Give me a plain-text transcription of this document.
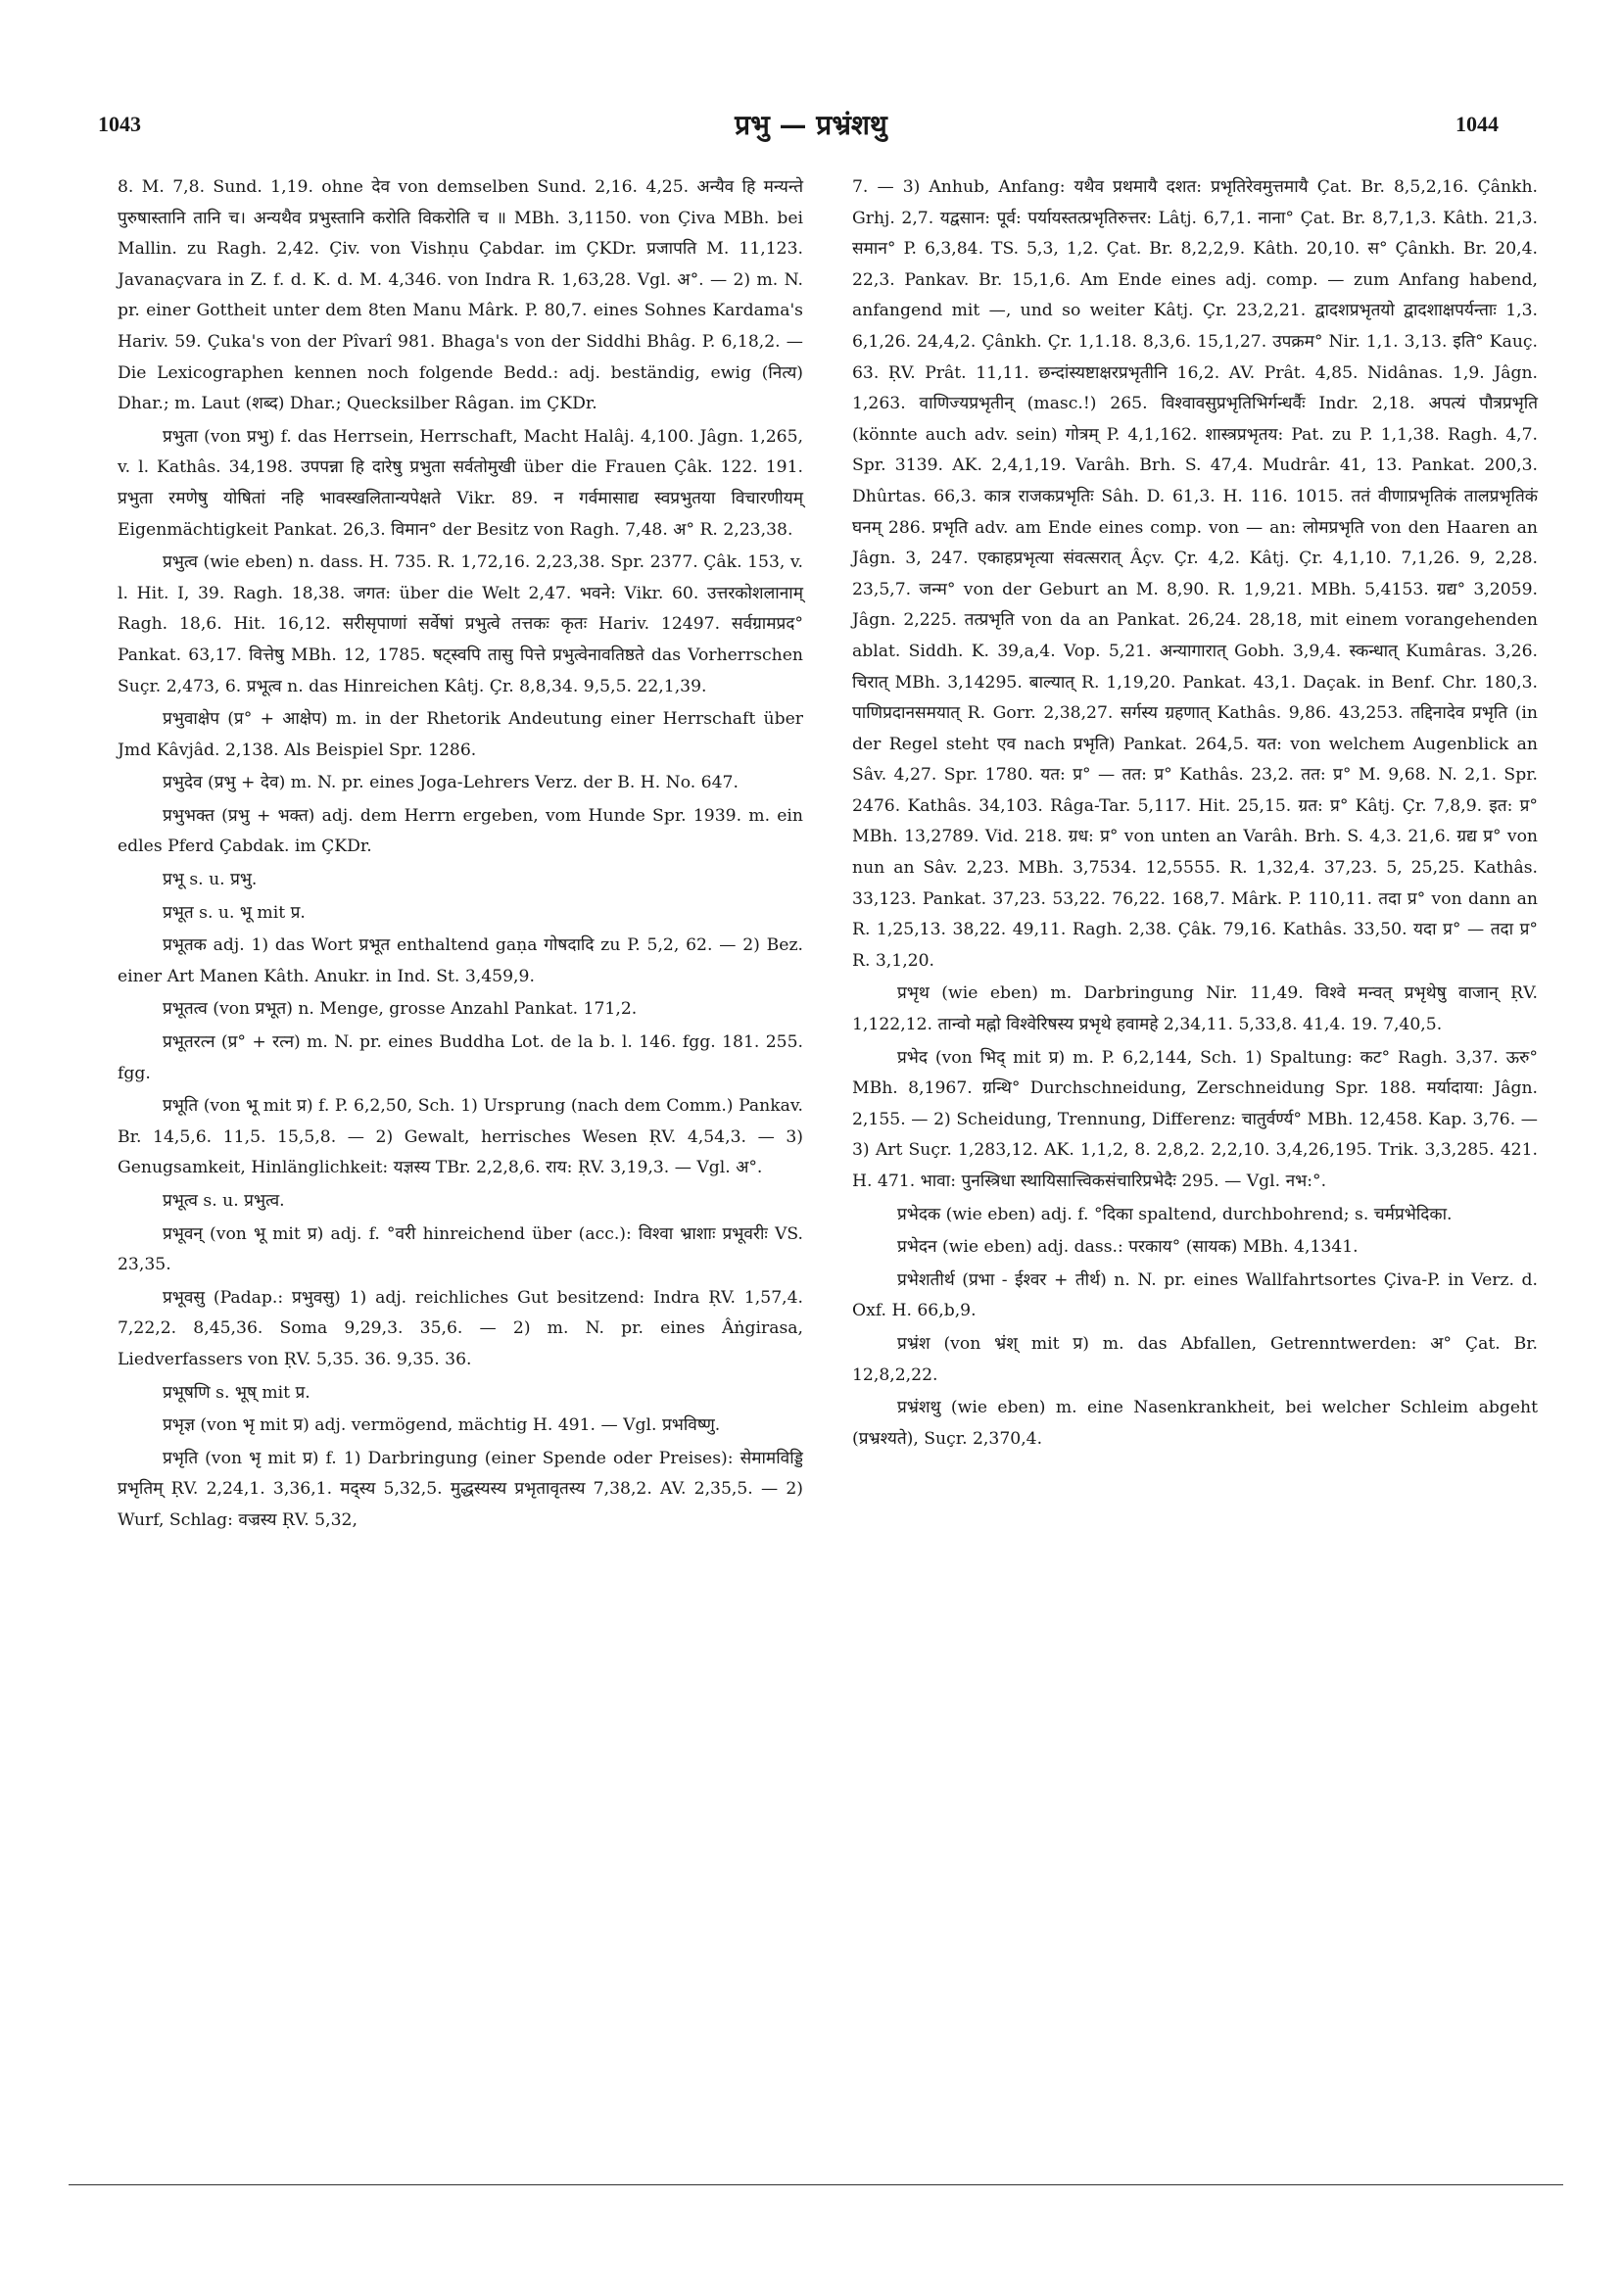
1043	प्रभु — प्रभ्रंशथु	1044

8. M. 7,8. Sund. 1,19. ohne देव von demselben Sund. 2,16. 4,25. अन्यैव हि मन्यन्ते पुरुषास्तानि तानि च। अन्यथैव प्रभुस्तानि करोति विकरोति च ॥ MBh. 3,1150. von Çiva MBh. bei Mallin. zu Ragh. 2,42. Çiv. von Vishṇu Çabdar. im ÇKDr. प्रजापति M. 11,123. Javanaçvara in Z. f. d. K. d. M. 4,346. von Indra R. 1,63,28. Vgl. अ°. — 2) m. N. pr. einer Gottheit unter dem 8ten Manu Mârk. P. 80,7. eines Sohnes Kardama's Hariv. 59. Çuka's von der Pîvarî 981. Bhaga's von der Siddhi Bhâg. P. 6,18,2. — Die Lexicographen kennen noch folgende Bedd.: adj. beständig, ewig (नित्य) Dhar.; m. Laut (शब्द) Dhar.; Quecksilber Râgan. im ÇKDr.

प्रभुता (von प्रभु) f. das Herrsein, Herrschaft, Macht Halâj. 4,100. Jâgn. 1,265, v. l. Kathâs. 34,198. उपपन्ना हि दारेषु प्रभुता सर्वतोमुखी über die Frauen Çâk. 122. 191. प्रभुता रमणेषु योषितां नहि भावस्खलितान्यपेक्षते Vikr. 89. न गर्वमासाद्य स्वप्रभुतया विचारणीयम् Eigenmächtigkeit Pankat. 26,3. विमान° der Besitz von Ragh. 7,48. अ° R. 2,23,38.

प्रभुत्व (wie eben) n. dass. H. 735. R. 1,72,16. 2,23,38. Spr. 2377. Çâk. 153, v. l. Hit. I, 39. Ragh. 18,38. जगत: über die Welt 2,47. भवने: Vikr. 60. उत्तरकोशलानाम् Ragh. 18,6. Hit. 16,12. सरीसृपाणां सर्वेषां प्रभुत्वे तत्तकः कृतः Hariv. 12497. सर्वग्रामप्रद° Pankat. 63,17. वित्तेषु MBh. 12, 1785. षट्स्वपि तासु पित्ते प्रभुत्वेनावतिष्ठते das Vorherrschen Suçr. 2,473, 6. प्रभूत्व n. das Hinreichen Kâtj. Çr. 8,8,34. 9,5,5. 22,1,39.

प्रभुवाक्षेप (प्र° + आक्षेप) m. in der Rhetorik Andeutung einer Herrschaft über Jmd Kâvjâd. 2,138. Als Beispiel Spr. 1286.

प्रभुदेव (प्रभु + देव) m. N. pr. eines Joga-Lehrers Verz. der B. H. No. 647.

प्रभुभक्त (प्रभु + भक्त) adj. dem Herrn ergeben, vom Hunde Spr. 1939. m. ein edles Pferd Çabdak. im ÇKDr.

प्रभू s. u. प्रभु.

प्रभूत s. u. भू mit प्र.

प्रभूतक adj. 1) das Wort प्रभूत enthaltend gaṇa गोषदादि zu P. 5,2, 62. — 2) Bez. einer Art Manen Kâth. Anukr. in Ind. St. 3,459,9.

प्रभूतत्व (von प्रभूत) n. Menge, grosse Anzahl Pankat. 171,2.

प्रभूतरत्न (प्र° + रत्न) m. N. pr. eines Buddha Lot. de la b. l. 146. fgg. 181. 255. fgg.

प्रभूति (von भू mit प्र) f. P. 6,2,50, Sch. 1) Ursprung (nach dem Comm.) Pankav. Br. 14,5,6. 11,5. 15,5,8. — 2) Gewalt, herrisches Wesen ṚV. 4,54,3. — 3) Genugsamkeit, Hinlänglichkeit: यज्ञस्य TBr. 2,2,8,6. राय: ṚV. 3,19,3. — Vgl. अ°.

प्रभूत्व s. u. प्रभुत्व.

प्रभूवन् (von भू mit प्र) adj. f. °वरी hinreichend über (acc.): विश्वा भ्राशाः प्रभूवरीः VS. 23,35.

प्रभूवसु (Padap.: प्रभुवसु) 1) adj. reichliches Gut besitzend: Indra ṚV. 1,57,4. 7,22,2. 8,45,36. Soma 9,29,3. 35,6. — 2) m. N. pr. eines Âṅgirasa, Liedverfassers von ṚV. 5,35. 36. 9,35. 36.

प्रभूषणि s. भूष् mit प्र.

प्रभृज्ञ (von भृ mit प्र) adj. vermögend, mächtig H. 491. — Vgl. प्रभविष्णु.

प्रभृति (von भृ mit प्र) f. 1) Darbringung (einer Spende oder Preises): सेमामविड्डि प्रभृतिम् ṚV. 2,24,1. 3,36,1. मद्स्य 5,32,5. मुद्धस्यस्य प्रभृतावृतस्य 7,38,2. AV. 2,35,5. — 2) Wurf, Schlag: वज्रस्य ṚV. 5,32,

7. — 3) Anhub, Anfang: यथैव प्रथमायै दशत: प्रभृतिरेवमुत्तमायै Çat. Br. 8,5,2,16. Çânkh. Grhj. 2,7. यद्वसान: पूर्व: पर्यायस्तत्प्रभृतिरुत्तर: Lâtj. 6,7,1. नाना° Çat. Br. 8,7,1,3. Kâth. 21,3. समान° P. 6,3,84. TS. 5,3, 1,2. Çat. Br. 8,2,2,9. Kâth. 20,10. स° Çânkh. Br. 20,4. 22,3. Pankav. Br. 15,1,6. Am Ende eines adj. comp. — zum Anfang habend, anfangend mit —, und so weiter Kâtj. Çr. 23,2,21. द्वादशप्रभृतयो द्वादशाक्षपर्यन्ताः 1,3. 6,1,26. 24,4,2. Çânkh. Çr. 1,1.18. 8,3,6. 15,1,27. उपक्रम° Nir. 1,1. 3,13. इति° Kauç. 63. ṚV. Prât. 11,11. छन्दांस्यष्टाक्षरप्रभृतीनि 16,2. AV. Prât. 4,85. Nidânas. 1,9. Jâgn. 1,263. वाणिज्यप्रभृतीन् (masc.!) 265. विश्वावसुप्रभृतिभिर्गन्धर्वैः Indr. 2,18. अपत्यं पौत्रप्रभृति (könnte auch adv. sein) गोत्रम् P. 4,1,162. शास्त्रप्रभृतय: Pat. zu P. 1,1,38. Ragh. 4,7. Spr. 3139. AK. 2,4,1,19. Varâh. Brh. S. 47,4. Mudrâr. 41, 13. Pankat. 200,3. Dhûrtas. 66,3. कात्र राजकप्रभृतिः Sâh. D. 61,3. H. 116. 1015. ततं वीणाप्रभृतिकं तालप्रभृतिकं घनम् 286. प्रभृति adv. am Ende eines comp. von — an: लोमप्रभृति von den Haaren an Jâgn. 3, 247. एकाहप्रभृत्या संवत्सरात् Âçv. Çr. 4,2. Kâtj. Çr. 4,1,10. 7,1,26. 9, 2,28. 23,5,7. जन्म° von der Geburt an M. 8,90. R. 1,9,21. MBh. 5,4153. ग्रद्य° 3,2059. Jâgn. 2,225. तत्प्रभृति von da an Pankat. 26,24. 28,18, mit einem vorangehenden ablat. Siddh. K. 39,a,4. Vop. 5,21. अन्यागारात् Gobh. 3,9,4. स्कन्धात् Kumâras. 3,26. चिरात् MBh. 3,14295. बाल्यात् R. 1,19,20. Pankat. 43,1. Daçak. in Benf. Chr. 180,3. पाणिप्रदानसमयात् R. Gorr. 2,38,27. सर्गस्य ग्रहणात् Kathâs. 9,86. 43,253. तद्दिनादेव प्रभृति (in der Regel steht एव nach प्रभृति) Pankat. 264,5. यत: von welchem Augenblick an Sâv. 4,27. Spr. 1780. यत: प्र° — तत: प्र° Kathâs. 23,2. तत: प्र° M. 9,68. N. 2,1. Spr. 2476. Kathâs. 34,103. Râga-Tar. 5,117. Hit. 25,15. ग्रत: प्र° Kâtj. Çr. 7,8,9. इत: प्र° MBh. 13,2789. Vid. 218. ग्रध: प्र° von unten an Varâh. Brh. S. 4,3. 21,6. ग्रद्य प्र° von nun an Sâv. 2,23. MBh. 3,7534. 12,5555. R. 1,32,4. 37,23. 5, 25,25. Kathâs. 33,123. Pankat. 37,23. 53,22. 76,22. 168,7. Mârk. P. 110,11. तदा प्र° von dann an R. 1,25,13. 38,22. 49,11. Ragh. 2,38. Çâk. 79,16. Kathâs. 33,50. यदा प्र° — तदा प्र° R. 3,1,20.

प्रभृथ (wie eben) m. Darbringung Nir. 11,49. विश्वे मन्वत् प्रभृथेषु वाजान् ṚV. 1,122,12. तान्वो मह्नो विश्वेरिषस्य प्रभृथे हवामहे 2,34,11. 5,33,8. 41,4. 19. 7,40,5.

प्रभेद (von भिद् mit प्र) m. P. 6,2,144, Sch. 1) Spaltung: कट° Ragh. 3,37. ऊरु° MBh. 8,1967. ग्रन्थि° Durchschneidung, Zerschneidung Spr. 188. मर्यादाया: Jâgn. 2,155. — 2) Scheidung, Trennung, Differenz: चातुर्वर्ण्य° MBh. 12,458. Kap. 3,76. — 3) Art Suçr. 1,283,12. AK. 1,1,2, 8. 2,8,2. 2,2,10. 3,4,26,195. Trik. 3,3,285. 421. H. 471. भावा: पुनस्त्रिधा स्थायिसात्त्विकसंचारिप्रभेदैः 295. — Vgl. नभ:°.

प्रभेदक (wie eben) adj. f. °दिका spaltend, durchbohrend; s. चर्मप्रभेदिका.

प्रभेदन (wie eben) adj. dass.: परकाय° (सायक) MBh. 4,1341.

प्रभेशतीर्थ (प्रभा - ईश्वर + तीर्थ) n. N. pr. eines Wallfahrtsortes Çiva-P. in Verz. d. Oxf. H. 66,b,9.

प्रभ्रंश (von भ्रंश् mit प्र) m. das Abfallen, Getrenntwerden: अ° Çat. Br. 12,8,2,22.

प्रभ्रंशथु (wie eben) m. eine Nasenkrankheit, bei welcher Schleim abgeht (प्रभ्रश्यते), Suçr. 2,370,4.
